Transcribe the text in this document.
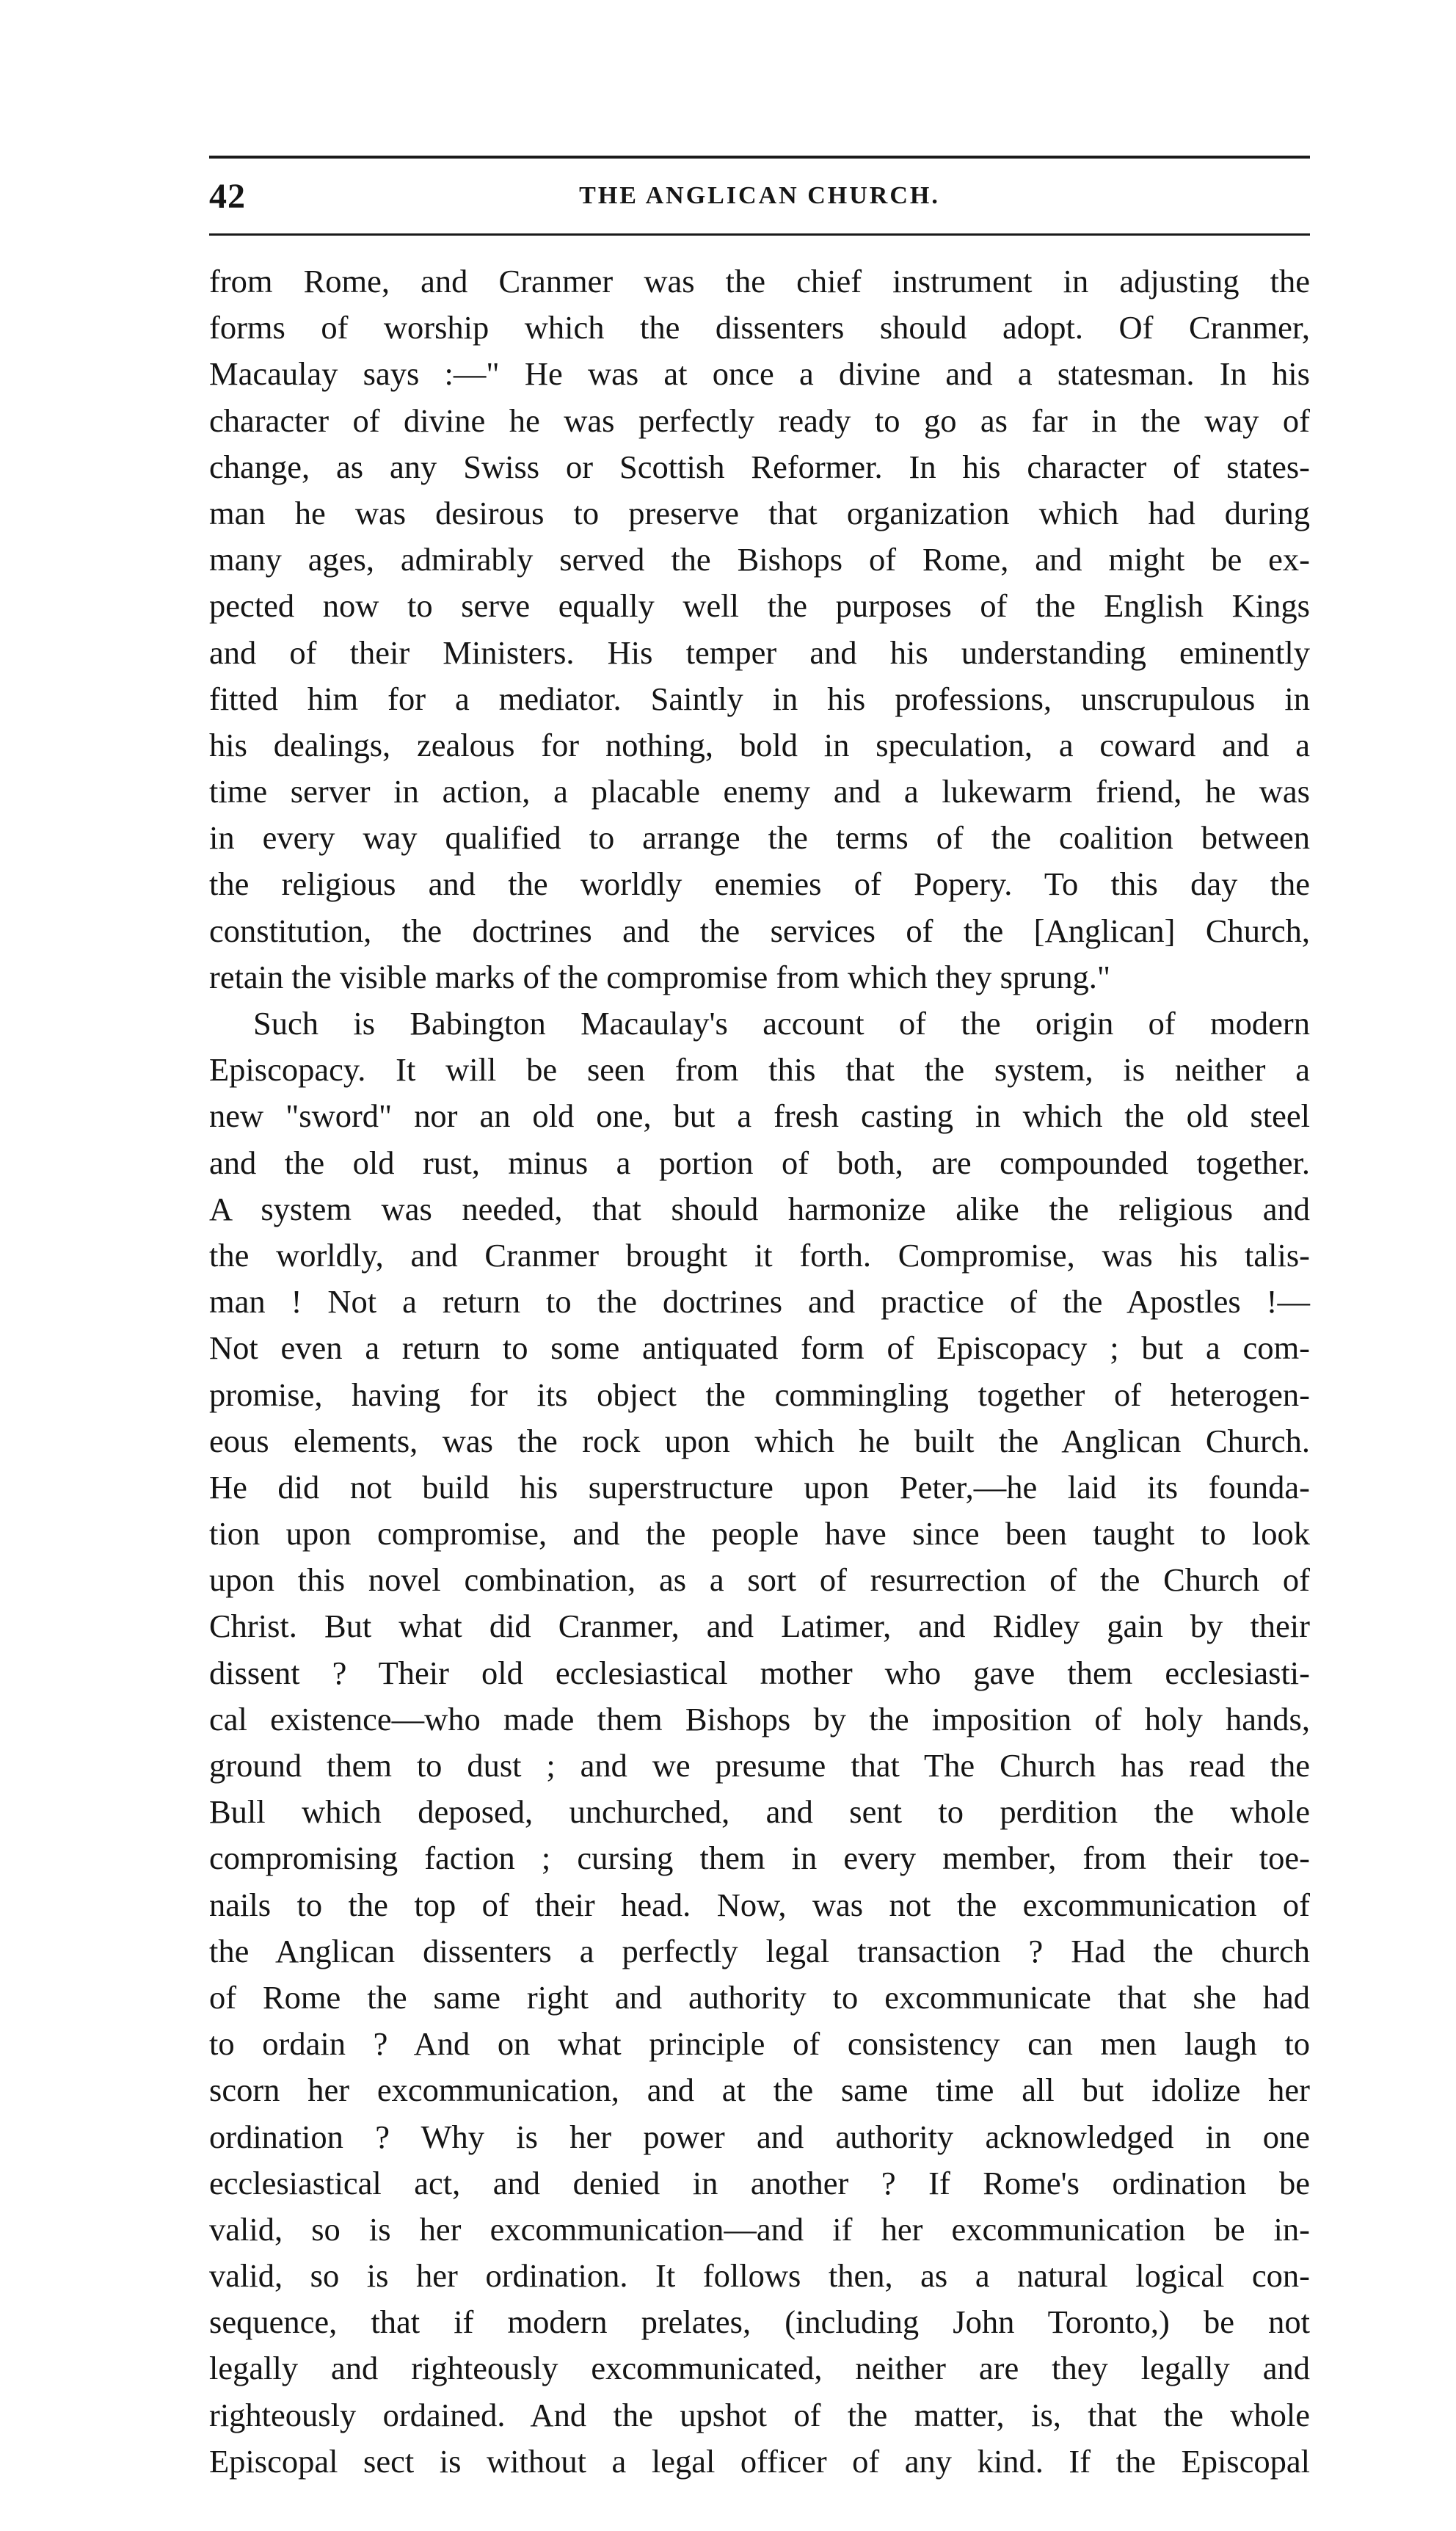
42	THE ANGLICAN CHURCH.
from Rome, and Cranmer was the chief instrument in adjusting the
forms of worship which the dissenters should adopt. Of Cranmer,
Macaulay says :—" He was at once a divine and a statesman. In his
character of divine he was perfectly ready to go as far in the way of
change, as any Swiss or Scottish Reformer. In his character of states-
man he was desirous to preserve that organization which had during
many ages, admirably served the Bishops of Rome, and might be ex-
pected now to serve equally well the purposes of the English Kings
and of their Ministers. His temper and his understanding eminently
fitted him for a mediator. Saintly in his professions, unscrupulous in
his dealings, zealous for nothing, bold in speculation, a coward and a
time server in action, a placable enemy and a lukewarm friend, he was
in every way qualified to arrange the terms of the coalition between
the religious and the worldly enemies of Popery. To this day the
constitution, the doctrines and the services of the [Anglican] Church,
retain the visible marks of the compromise from which they sprung."
Such is Babington Macaulay's account of the origin of modern
Episcopacy. It will be seen from this that the system, is neither a
new "sword" nor an old one, but a fresh casting in which the old steel
and the old rust, minus a portion of both, are compounded together.
A system was needed, that should harmonize alike the religious and
the worldly, and Cranmer brought it forth. Compromise, was his talis-
man ! Not a return to the doctrines and practice of the Apostles !—
Not even a return to some antiquated form of Episcopacy ; but a com-
promise, having for its object the commingling together of heterogen-
eous elements, was the rock upon which he built the Anglican Church.
He did not build his superstructure upon Peter,—he laid its founda-
tion upon compromise, and the people have since been taught to look
upon this novel combination, as a sort of resurrection of the Church of
Christ. But what did Cranmer, and Latimer, and Ridley gain by their
dissent ? Their old ecclesiastical mother who gave them ecclesiasti-
cal existence—who made them Bishops by the imposition of holy hands,
ground them to dust ; and we presume that The Church has read the
Bull which deposed, unchurched, and sent to perdition the whole
compromising faction ; cursing them in every member, from their toe-
nails to the top of their head. Now, was not the excommunication of
the Anglican dissenters a perfectly legal transaction ? Had the church
of Rome the same right and authority to excommunicate that she had
to ordain ? And on what principle of consistency can men laugh to
scorn her excommunication, and at the same time all but idolize her
ordination ? Why is her power and authority acknowledged in one
ecclesiastical act, and denied in another ? If Rome's ordination be
valid, so is her excommunication—and if her excommunication be in-
valid, so is her ordination. It follows then, as a natural logical con-
sequence, that if modern prelates, (including John Toronto,) be not
legally and righteously excommunicated, neither are they legally and
righteously ordained. And the upshot of the matter, is, that the whole
Episcopal sect is without a legal officer of any kind. If the Episcopal
